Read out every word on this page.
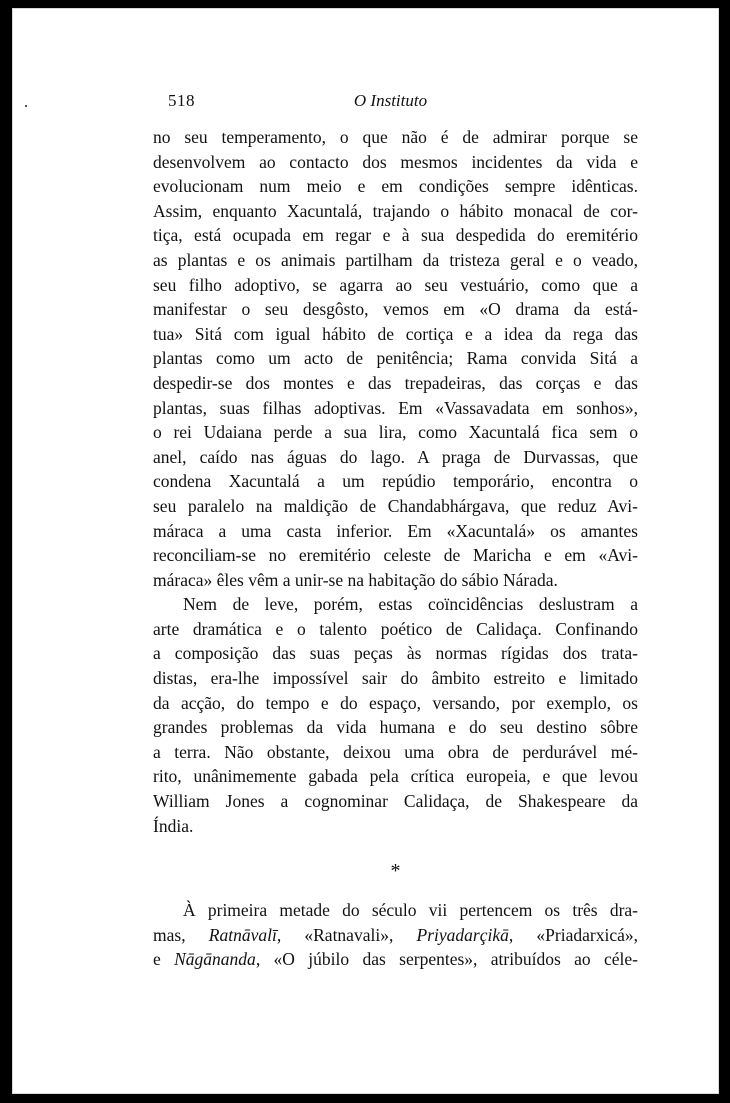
518	O Instituto
no seu temperamento, o que não é de admirar porque se
desenvolvem ao contacto dos mesmos incidentes da vida e
evolucionam num meio e em condições sempre idênticas.
Assim, enquanto Xacuntalá, trajando o hábito monacal de cor-
tiça, está ocupada em regar e à sua despedida do eremitério
as plantas e os animais partilham da tristeza geral e o veado,
seu filho adoptivo, se agarra ao seu vestuário, como que a
manifestar o seu desgôsto, vemos em «O drama da está-
tua» Sitá com igual hábito de cortiça e a idea da rega das
plantas como um acto de penitência; Rama convida Sitá a
despedir-se dos montes e das trepadeiras, das corças e das
plantas, suas filhas adoptivas. Em «Vassavadata em sonhos»,
o rei Udaiana perde a sua lira, como Xacuntalá fica sem o
anel, caído nas águas do lago. A praga de Durvassas, que
condena Xacuntalá a um repúdio temporário, encontra o
seu paralelo na maldição de Chandabhárgava, que reduz Avi-
máraca a uma casta inferior. Em «Xacuntalá» os amantes
reconciliam-se no eremitério celeste de Maricha e em «Avi-
máraca» êles vêm a unir-se na habitação do sábio Nárada.
Nem de leve, porém, estas coïncidências deslustram a
arte dramática e o talento poético de Calidaça. Confinando
a composição das suas peças às normas rígidas dos trata-
distas, era-lhe impossível sair do âmbito estreito e limitado
da acção, do tempo e do espaço, versando, por exemplo, os
grandes problemas da vida humana e do seu destino sôbre
a terra. Não obstante, deixou uma obra de perdurável mé-
rito, unânimemente gabada pela crítica europeia, e que levou
William Jones a cognominar Calidaça, de Shakespeare da
Índia.
*
À primeira metade do século vii pertencem os três dra-
mas, Ratnāvalī, «Ratnavali», Priyadarçikā, «Priadarxicá»,
e Nāgānanda, «O júbilo das serpentes», atribuídos ao céle-
